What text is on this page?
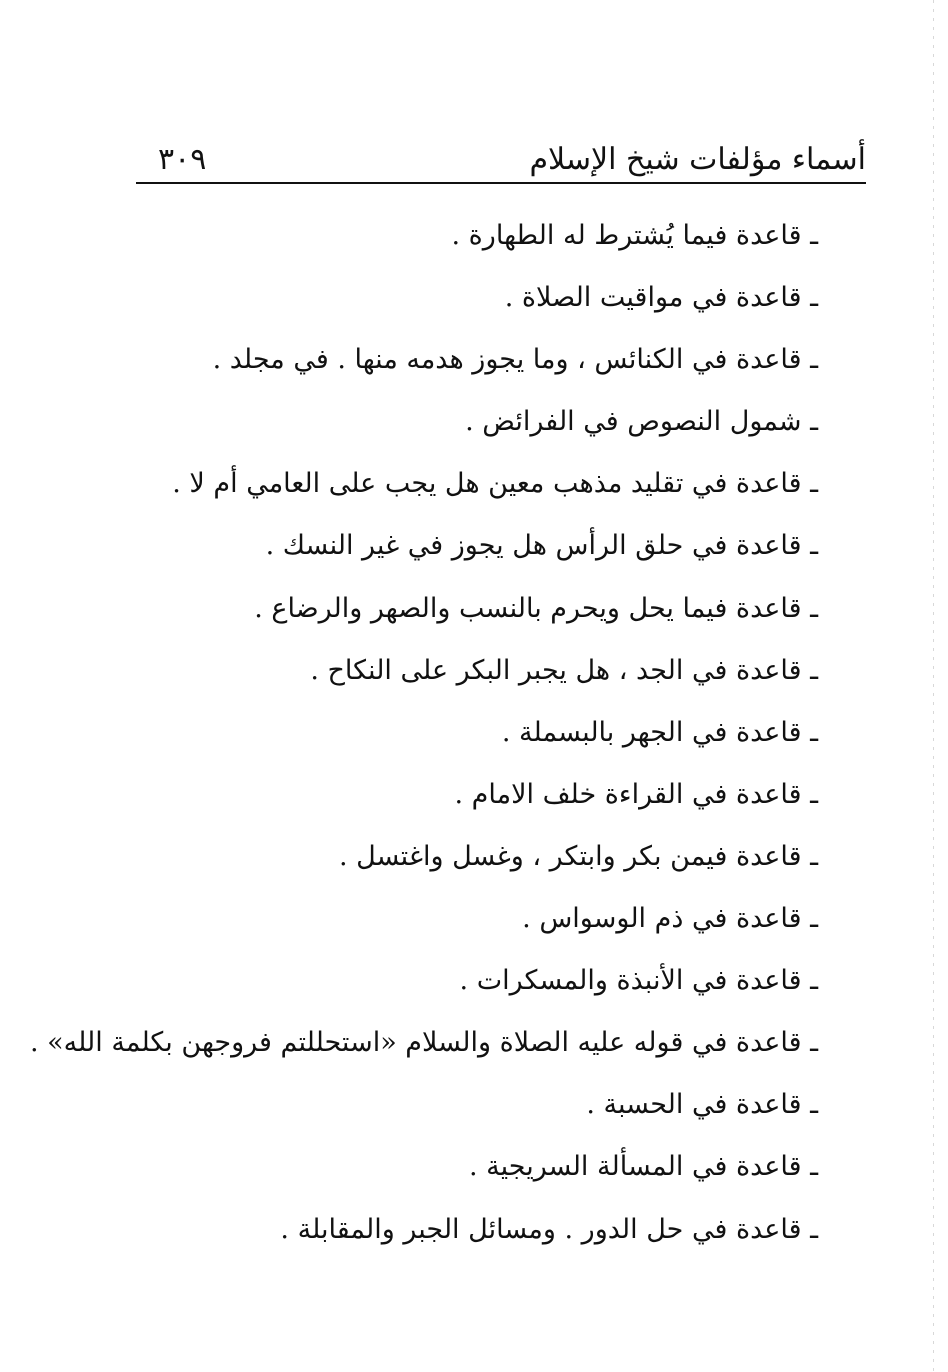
أسماء مؤلفات شيخ الإسلام
٣٠٩
ـ قاعدة فيما يُشترط له الطهارة .
ـ قاعدة في مواقيت الصلاة .
ـ قاعدة في الكنائس ، وما يجوز هدمه منها . في مجلد .
ـ شمول النصوص في الفرائض .
ـ قاعدة في تقليد مذهب معين هل يجب على العامي أم لا .
ـ قاعدة في حلق الرأس هل يجوز في غير النسك .
ـ قاعدة فيما يحل ويحرم بالنسب والصهر والرضاع .
ـ قاعدة في الجد ، هل يجبر البكر على النكاح .
ـ قاعدة في الجهر بالبسملة .
ـ قاعدة في القراءة خلف الامام .
ـ قاعدة فيمن بكر وابتكر ، وغسل واغتسل .
ـ قاعدة في ذم الوسواس .
ـ قاعدة في الأنبذة والمسكرات .
ـ قاعدة في قوله عليه الصلاة والسلام «استحللتم فروجهن بكلمة الله» .
ـ قاعدة في الحسبة .
ـ قاعدة في المسألة السريجية .
ـ قاعدة في حل الدور . ومسائل الجبر والمقابلة .
